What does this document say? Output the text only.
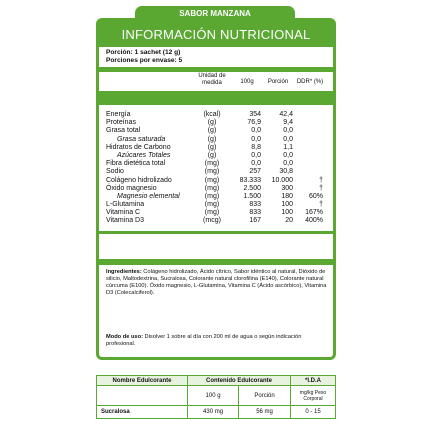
SABOR MANZANA
INFORMACIÓN NUTRICIONAL
Porción: 1 sachet (12 g)
Porciones por envase: 5
Unidad de medida	100g	Porción	DDR* (%)
Energía	(kcal)	354	42,4
Proteínas	(g)	76,9	9,4
Grasa total	(g)	0,0	0,0
Grasa saturada	(g)	0,0	0,0
Hidratos de Carbono	(g)	8,8	1,1
Azúcares Totales	(g)	0,0	0,0
Fibra dietética total	(mg)	0,0	0,0
Sodio	(mg)	257	30,8
Colágeno hidrolizado	(mg)	83.333	10.000	†
Óxido magnesio	(mg)	2.500	300	†
Magnesio elemental	(mg)	1.500	180	60%
L-Glutamina	(mg)	833	100	†
Vitamina C	(mg)	833	100	167%
Vitamina D3	(mcg)	167	20	400%
Ingredientes: Colágeno hidrolizado, Ácido cítrico, Sabor idéntico al natural, Dióxido de silicio, Maltodextrina, Sucralosa, Colorante natural clorofilina (E140), Colorante natural cúrcuma (E100). Óxido magnesio, L-Glutamina, Vitamina C (Ácido ascórbico), Vitamina D3 (Colecalciferol).
Modo de uso: Disolver 1 sobre al día con 200 ml de agua o según indicación profesional.
Nombre Edulcorante	Contenido Edulcorante		*I.D.A
	100 g	Porción	mg/kg Peso Corporal
Sucralosa	430 mg	56 mg	0 - 15
